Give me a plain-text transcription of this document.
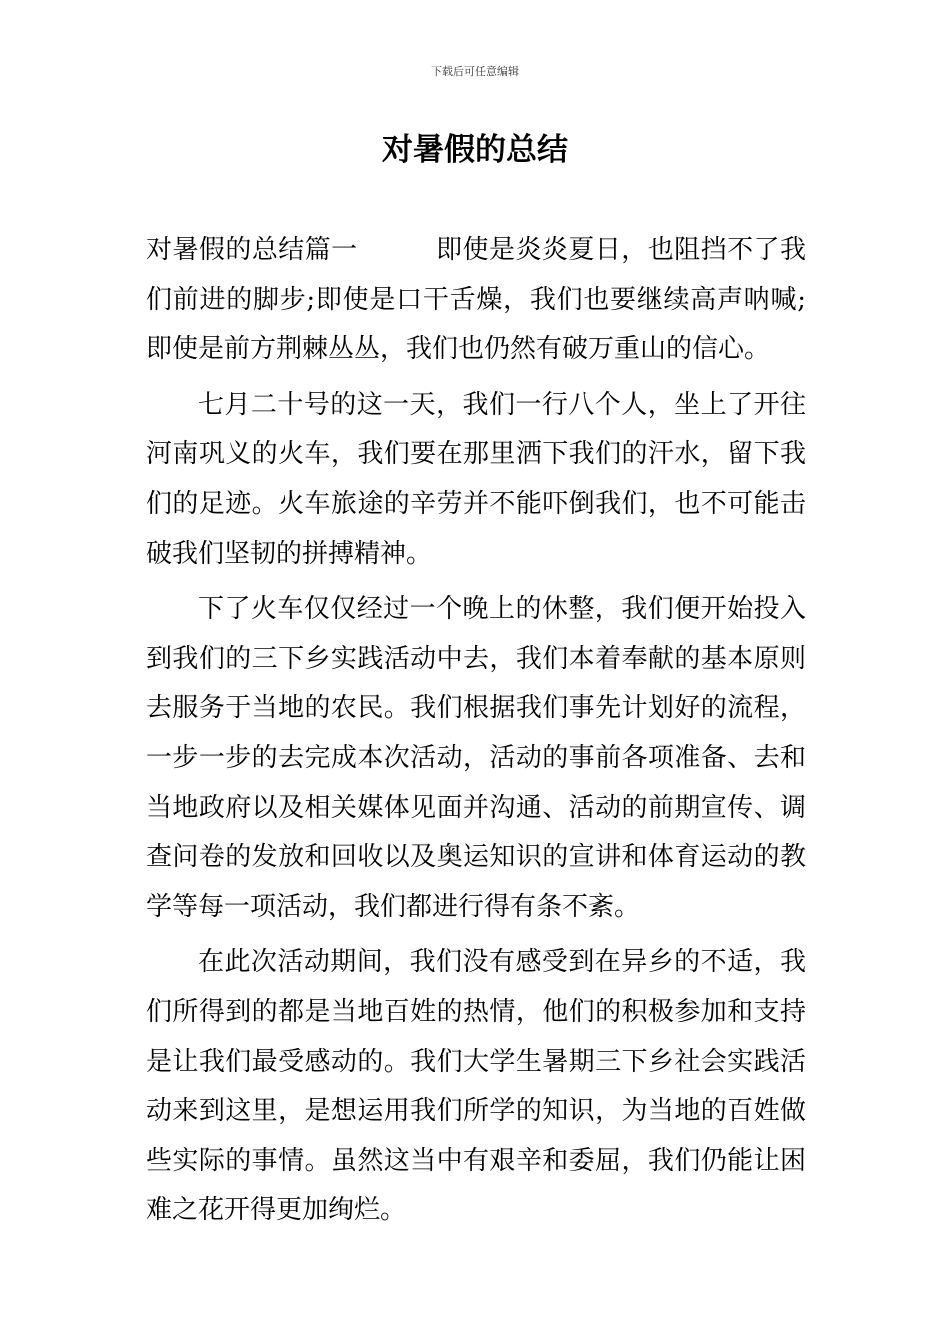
下载后可任意编辑
对暑假的总结

对暑假的总结篇一	即使是炎炎夏日，也阻挡不了我们前进的脚步;即使是口干舌燥，我们也要继续高声呐喊;即使是前方荆棘丛丛，我们也仍然有破万重山的信心。

七月二十号的这一天，我们一行八个人，坐上了开往河南巩义的火车，我们要在那里洒下我们的汗水，留下我们的足迹。火车旅途的辛劳并不能吓倒我们，也不可能击破我们坚韧的拼搏精神。

下了火车仅仅经过一个晚上的休整，我们便开始投入到我们的三下乡实践活动中去，我们本着奉献的基本原则去服务于当地的农民。我们根据我们事先计划好的流程，一步一步的去完成本次活动，活动的事前各项准备、去和当地政府以及相关媒体见面并沟通、活动的前期宣传、调查问卷的发放和回收以及奥运知识的宣讲和体育运动的教学等每一项活动，我们都进行得有条不紊。

在此次活动期间，我们没有感受到在异乡的不适，我们所得到的都是当地百姓的热情，他们的积极参加和支持是让我们最受感动的。我们大学生暑期三下乡社会实践活动来到这里，是想运用我们所学的知识，为当地的百姓做些实际的事情。虽然这当中有艰辛和委屈，我们仍能让困难之花开得更加绚烂。
